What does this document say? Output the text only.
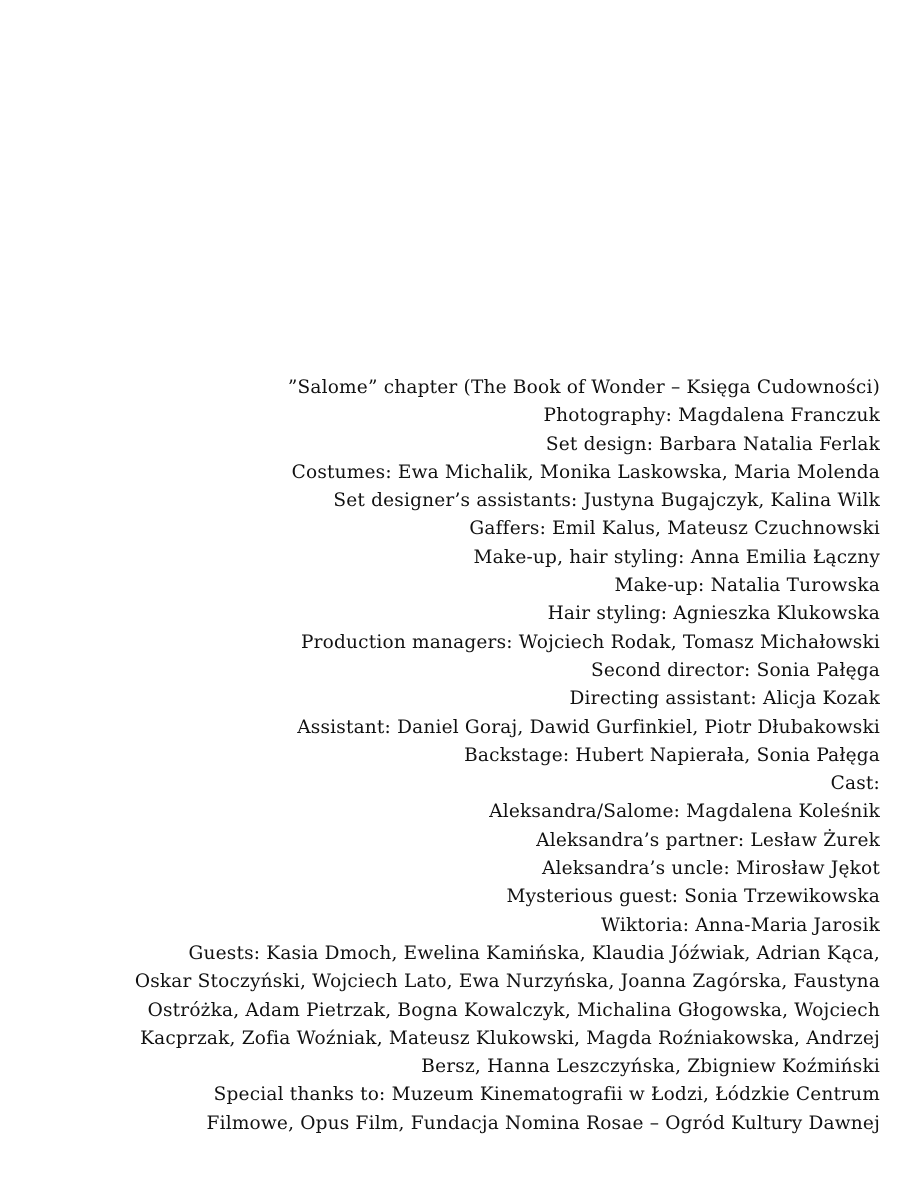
”Salome” chapter (The Book of Wonder – Księga Cudowności)
Photography: Magdalena Franczuk
Set design: Barbara Natalia Ferlak
Costumes: Ewa Michalik, Monika Laskowska, Maria Molenda
Set designer’s assistants: Justyna Bugajczyk, Kalina Wilk
Gaffers: Emil Kalus, Mateusz Czuchnowski
Make-up, hair styling: Anna Emilia Łączny
Make-up: Natalia Turowska
Hair styling: Agnieszka Klukowska
Production managers: Wojciech Rodak, Tomasz Michałowski
Second director: Sonia Pałęga
Directing assistant: Alicja Kozak
Assistant: Daniel Goraj, Dawid Gurfinkiel, Piotr Dłubakowski
Backstage: Hubert Napierała, Sonia Pałęga
Cast:
Aleksandra/Salome: Magdalena Koleśnik
Aleksandra’s partner: Lesław Żurek
Aleksandra’s uncle: Mirosław Jękot
Mysterious guest: Sonia Trzewikowska
Wiktoria: Anna-Maria Jarosik
Guests: Kasia Dmoch, Ewelina Kamińska, Klaudia Jóźwiak, Adrian Kąca,
Oskar Stoczyński, Wojciech Lato, Ewa Nurzyńska, Joanna Zagórska, Faustyna
Ostróżka, Adam Pietrzak, Bogna Kowalczyk, Michalina Głogowska, Wojciech
Kacprzak, Zofia Woźniak, Mateusz Klukowski, Magda Roźniakowska, Andrzej
Bersz, Hanna Leszczyńska, Zbigniew Koźmiński
Special thanks to: Muzeum Kinematografii w Łodzi, Łódzkie Centrum
Filmowe, Opus Film, Fundacja Nomina Rosae – Ogród Kultury Dawnej
